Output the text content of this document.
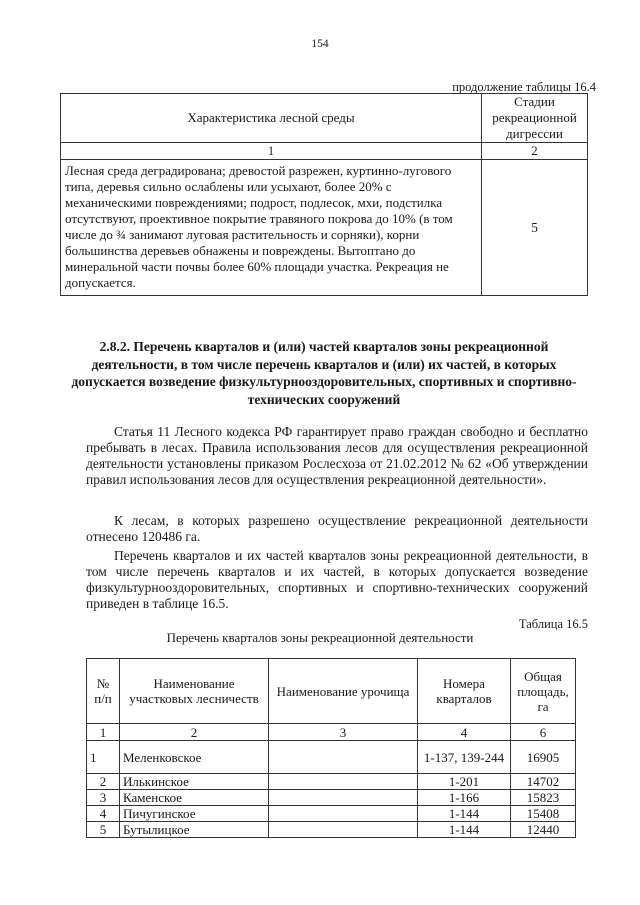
154
продолжение таблицы 16.4
Характеристика лесной среды	Стадии рекреационной дигрессии
1	2
Лесная среда деградирована; древостой разрежен, куртинно-лугового типа, деревья сильно ослаблены или усыхают, более 20% с механическими повреждениями; подрост, подлесок, мхи, подстилка отсутствуют, проективное покрытие травяного покрова до 10% (в том числе до ¾ занимают луговая растительность и сорняки), корни большинства деревьев обнажены и повреждены. Вытоптано до минеральной части почвы более 60% площади участка. Рекреация не допускается.	5
2.8.2. Перечень кварталов и (или) частей кварталов зоны рекреационной деятельности, в том числе перечень кварталов и (или) их частей, в которых допускается возведение физкультурнооздоровительных, спортивных и спортивно-технических сооружений
Статья 11 Лесного кодекса РФ гарантирует право граждан свободно и бесплатно пребывать в лесах. Правила использования лесов для осуществления рекреационной деятельности установлены приказом Рослесхоза от 21.02.2012 № 62 «Об утверждении правил использования лесов для осуществления рекреационной деятельности».
К лесам, в которых разрешено осуществление рекреационной деятельности отнесено 120486 га.
Перечень кварталов и их частей кварталов зоны рекреационной деятельности, в том числе перечень кварталов и их частей, в которых допускается возведение физкультурнооздоровительных, спортивных и спортивно-технических сооружений приведен в таблице 16.5.
Таблица 16.5
Перечень кварталов зоны рекреационной деятельности
№ п/п	Наименование участковых лесничеств	Наименование урочища	Номера кварталов	Общая площадь, га
1	2	3	4	6
1	Меленковское		1-137, 139-244	16905
2	Илькинское		1-201	14702
3	Каменское		1-166	15823
4	Пичугинское		1-144	15408
5	Бутылицкое		1-144	12440
